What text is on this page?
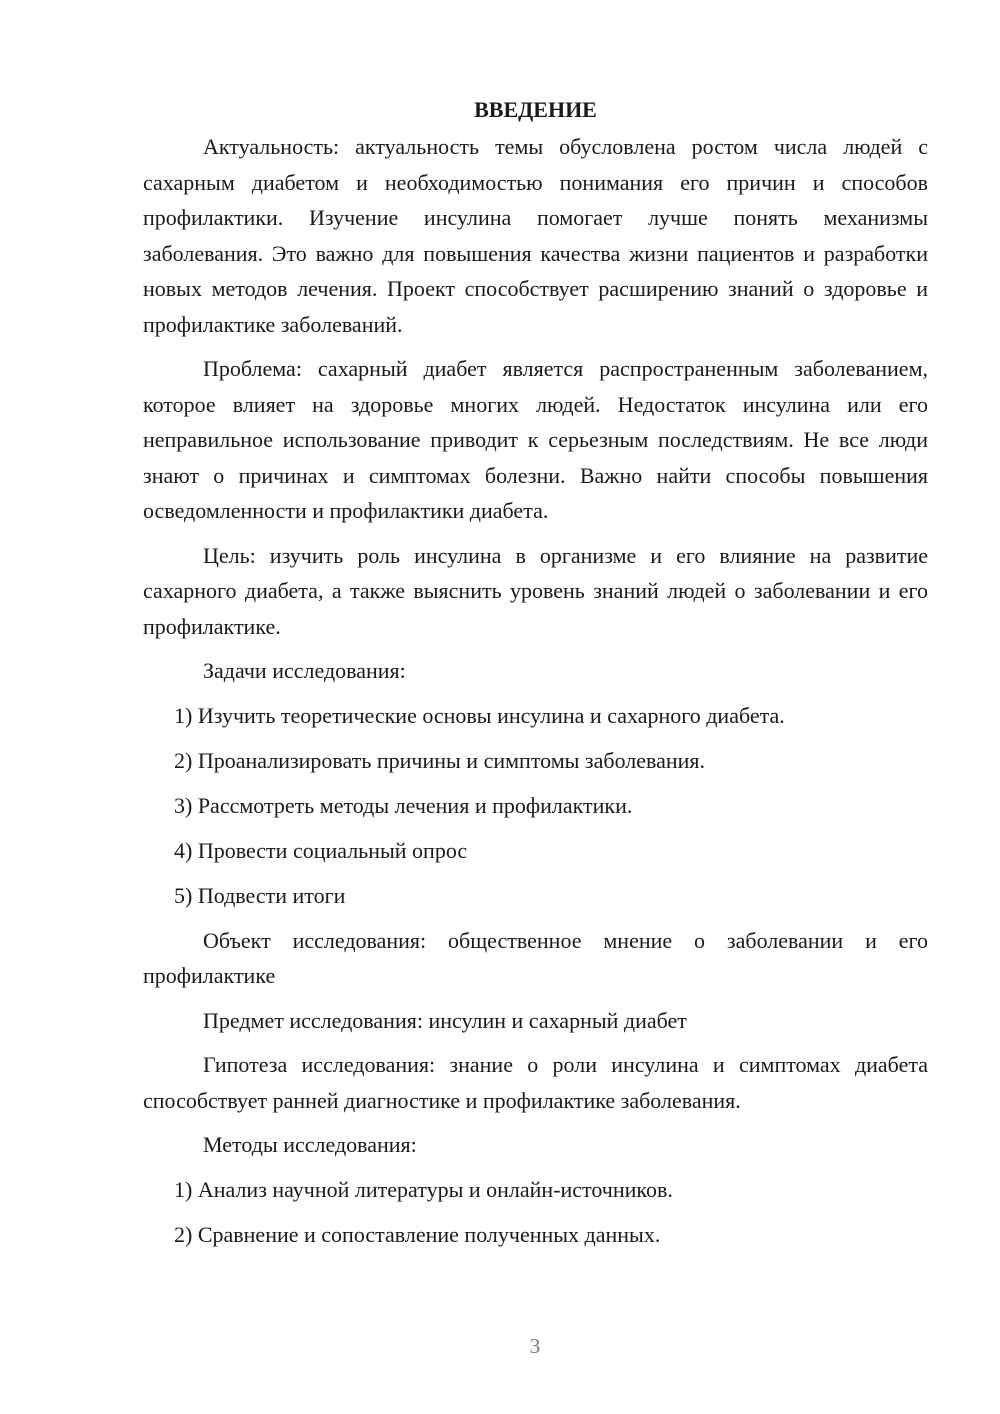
ВВЕДЕНИЕ

Актуальность: актуальность темы обусловлена ростом числа людей с сахарным диабетом и необходимостью понимания его причин и способов профилактики. Изучение инсулина помогает лучше понять механизмы заболевания. Это важно для повышения качества жизни пациентов и разработки новых методов лечения. Проект способствует расширению знаний о здоровье и профилактике заболеваний.

Проблема: сахарный диабет является распространенным заболеванием, которое влияет на здоровье многих людей. Недостаток инсулина или его неправильное использование приводит к серьезным последствиям. Не все люди знают о причинах и симптомах болезни. Важно найти способы повышения осведомленности и профилактики диабета.

Цель: изучить роль инсулина в организме и его влияние на развитие сахарного диабета, а также выяснить уровень знаний людей о заболевании и его профилактике.

Задачи исследования:

1) Изучить теоретические основы инсулина и сахарного диабета.

2) Проанализировать причины и симптомы заболевания.

3) Рассмотреть методы лечения и профилактики.

4) Провести социальный опрос

5) Подвести итоги

Объект исследования: общественное мнение о заболевании и его профилактике

Предмет исследования: инсулин и сахарный диабет

Гипотеза исследования: знание о роли инсулина и симптомах диабета способствует ранней диагностике и профилактике заболевания.

Методы исследования:

1) Анализ научной литературы и онлайн-источников.

2) Сравнение и сопоставление полученных данных.

3
